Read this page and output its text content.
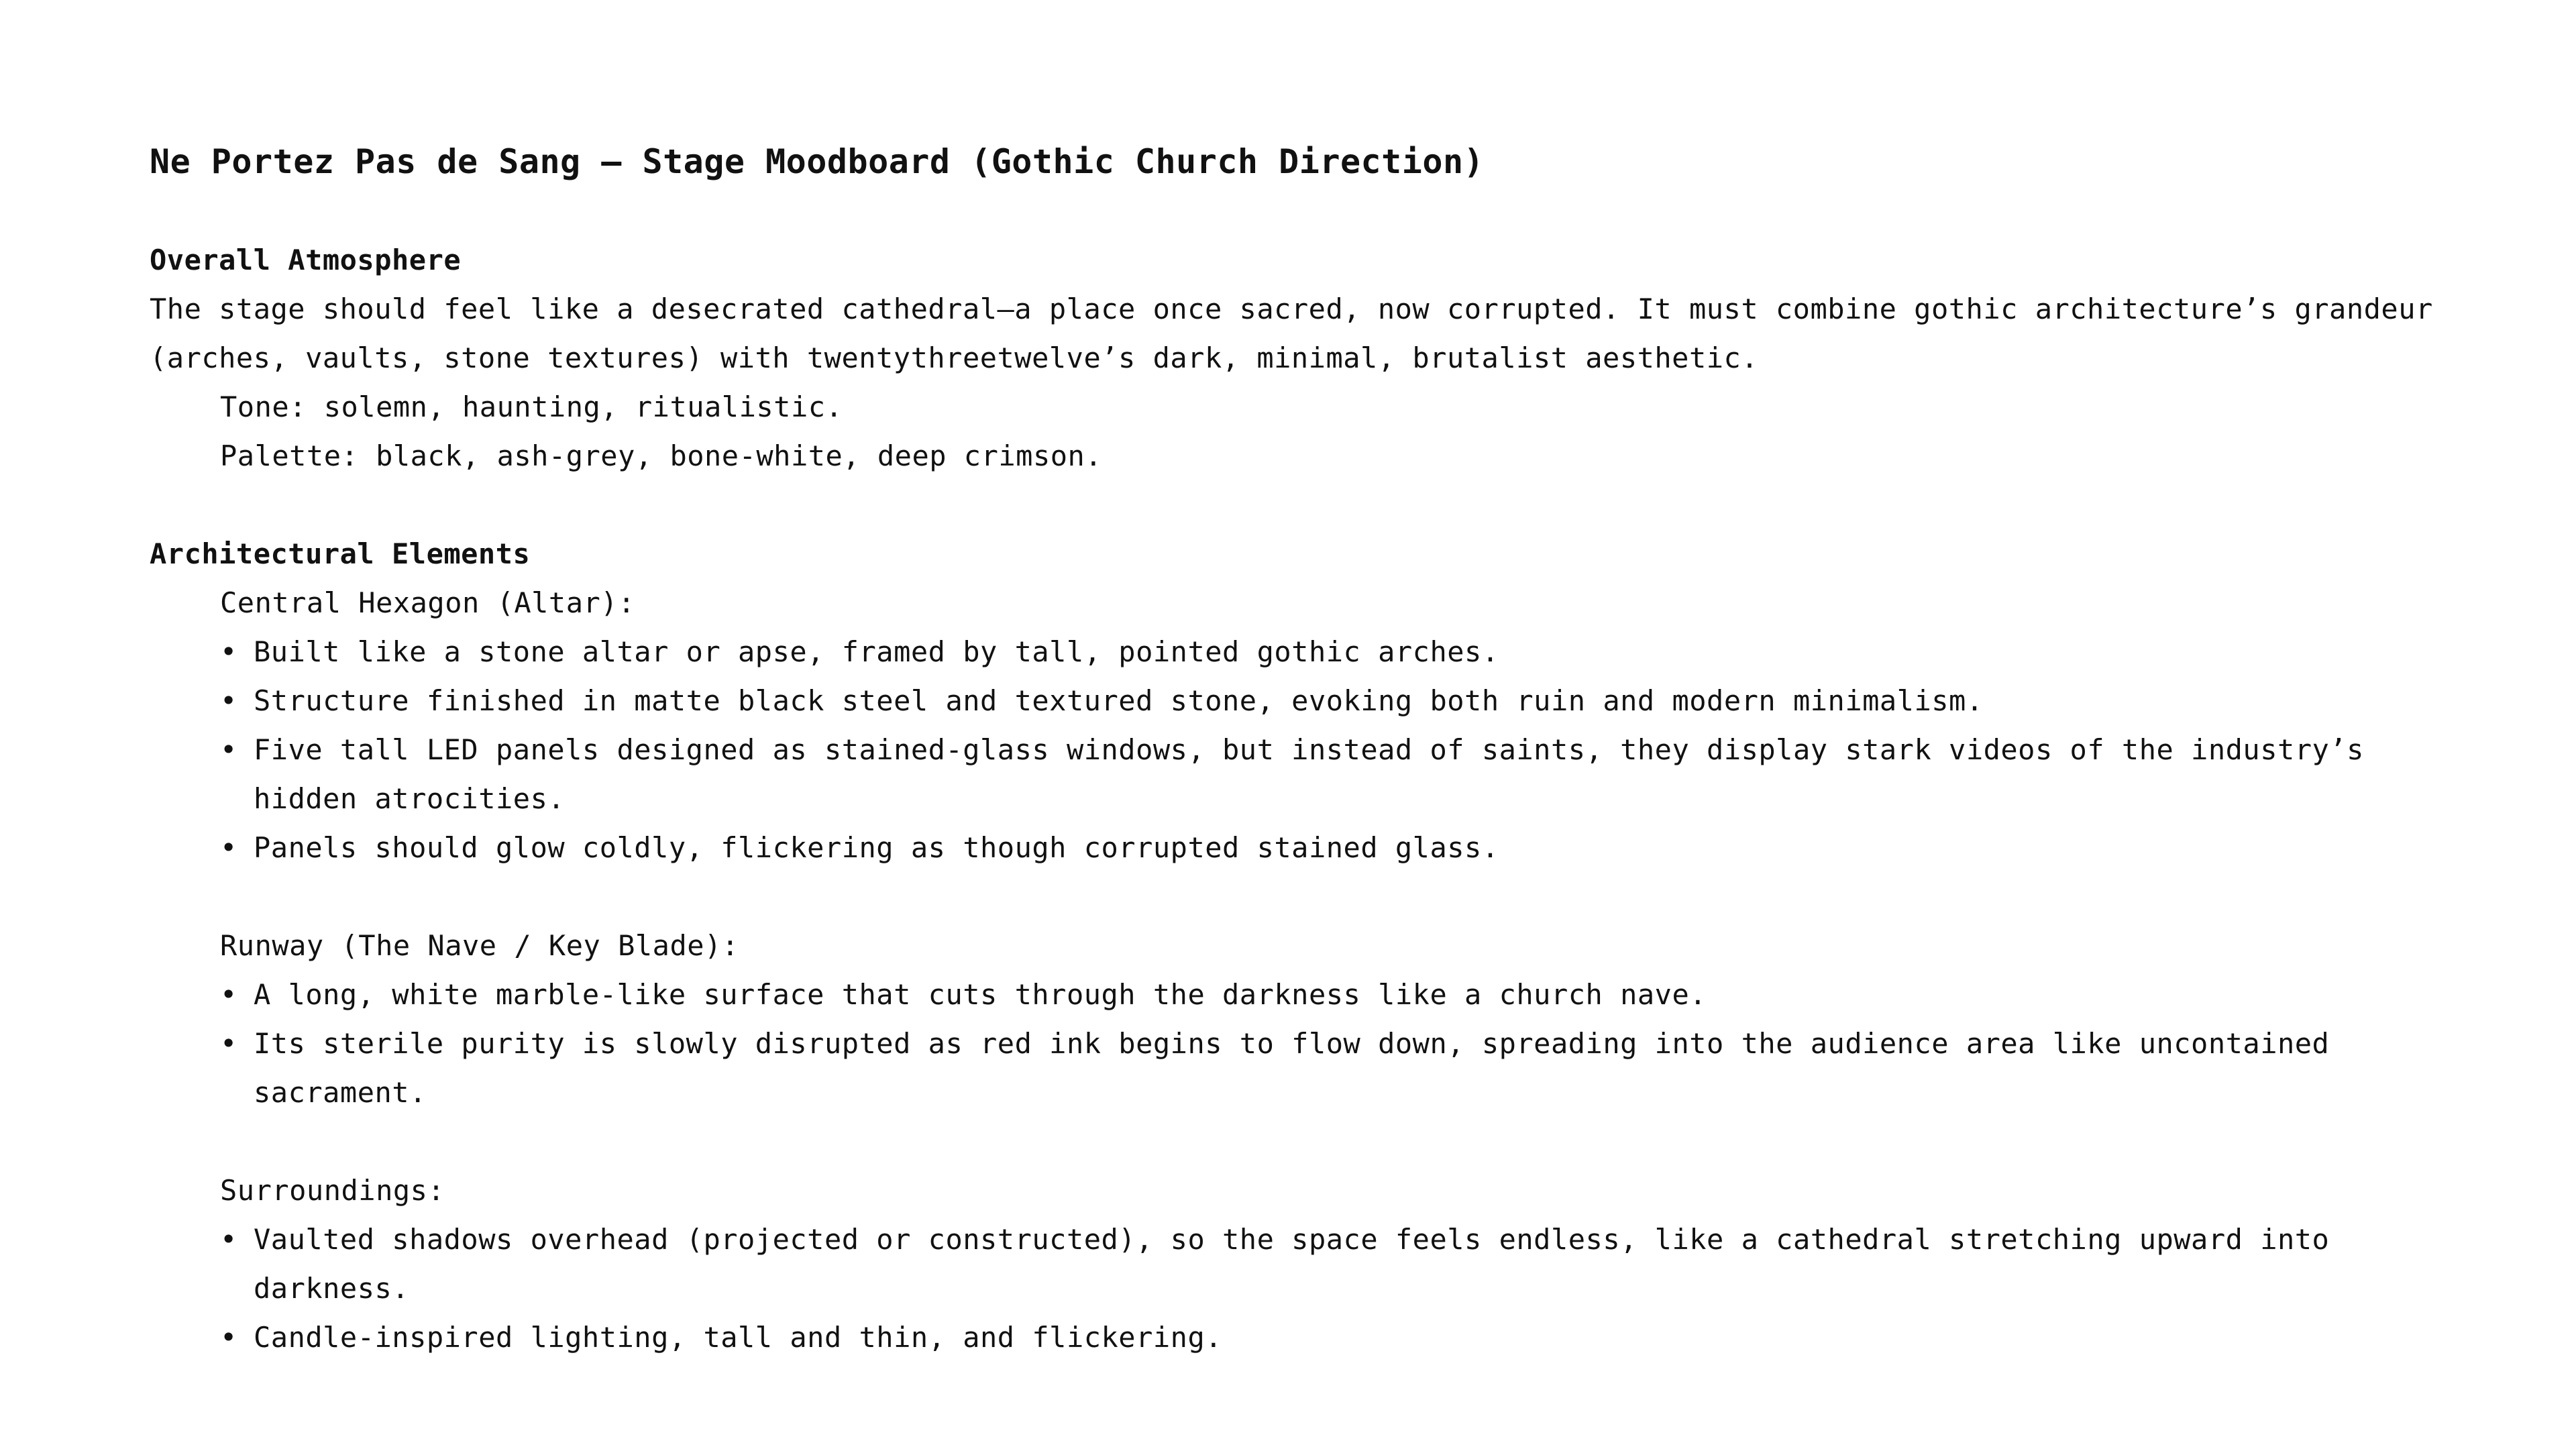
Ne Portez Pas de Sang – Stage Moodboard (Gothic Church Direction)

Overall Atmosphere

The stage should feel like a desecrated cathedral—a place once sacred, now corrupted. It must combine gothic architecture’s grandeur (arches, vaults, stone textures) with twentythreetwelve’s dark, minimal, brutalist aesthetic.

Tone: solemn, haunting, ritualistic.

Palette: black, ash-grey, bone-white, deep crimson.

Architectural Elements

Central Hexagon (Altar):

• Built like a stone altar or apse, framed by tall, pointed gothic arches.
• Structure finished in matte black steel and textured stone, evoking both ruin and modern minimalism.
• Five tall LED panels designed as stained-glass windows, but instead of saints, they display stark videos of the industry’s hidden atrocities.
• Panels should glow coldly, flickering as though corrupted stained glass.

Runway (The Nave / Key Blade):

• A long, white marble-like surface that cuts through the darkness like a church nave.
• Its sterile purity is slowly disrupted as red ink begins to flow down, spreading into the audience area like uncontained sacrament.

Surroundings:

• Vaulted shadows overhead (projected or constructed), so the space feels endless, like a cathedral stretching upward into darkness.
• Candle-inspired lighting, tall and thin, and flickering.
